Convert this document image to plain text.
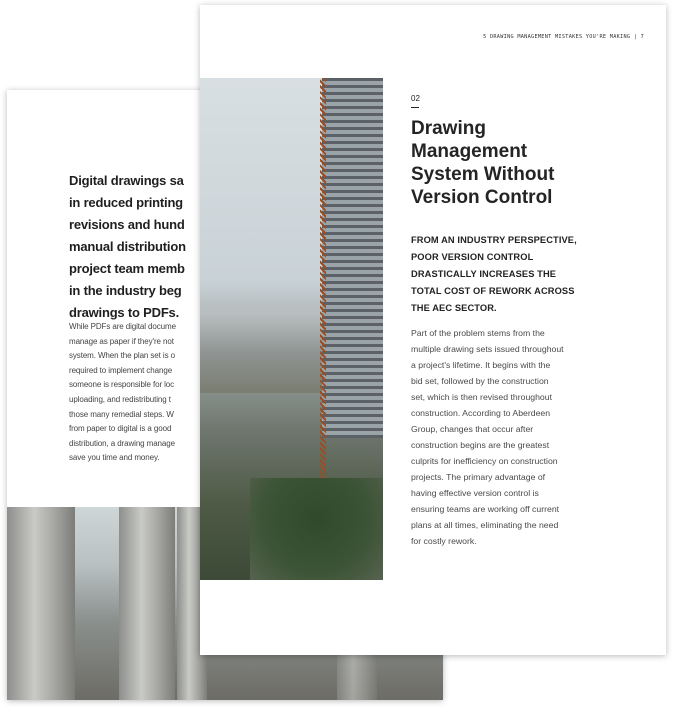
Digital drawings sa
in reduced printing
revisions and hund
manual distribution
project team memb
in the industry beg
drawings to PDFs.
While PDFs are digital docume
manage as paper if they're not
system. When the plan set is o
required to implement change
someone is responsible for loc
uploading, and redistributing t
those many remedial steps. W
from paper to digital is a good
distribution, a drawing manage
save you time and money.
5 DRAWING MANAGEMENT MISTAKES YOU'RE MAKING | 7
02
Drawing
Management
System Without
Version Control
FROM AN INDUSTRY PERSPECTIVE,
POOR VERSION CONTROL
DRASTICALLY INCREASES THE
TOTAL COST OF REWORK ACROSS
THE AEC SECTOR.
Part of the problem stems from the
multiple drawing sets issued throughout
a project's lifetime. It begins with the
bid set, followed by the construction
set, which is then revised throughout
construction. According to Aberdeen
Group, changes that occur after
construction begins are the greatest
culprits for inefficiency on construction
projects. The primary advantage of
having effective version control is
ensuring teams are working off current
plans at all times, eliminating the need
for costly rework.
